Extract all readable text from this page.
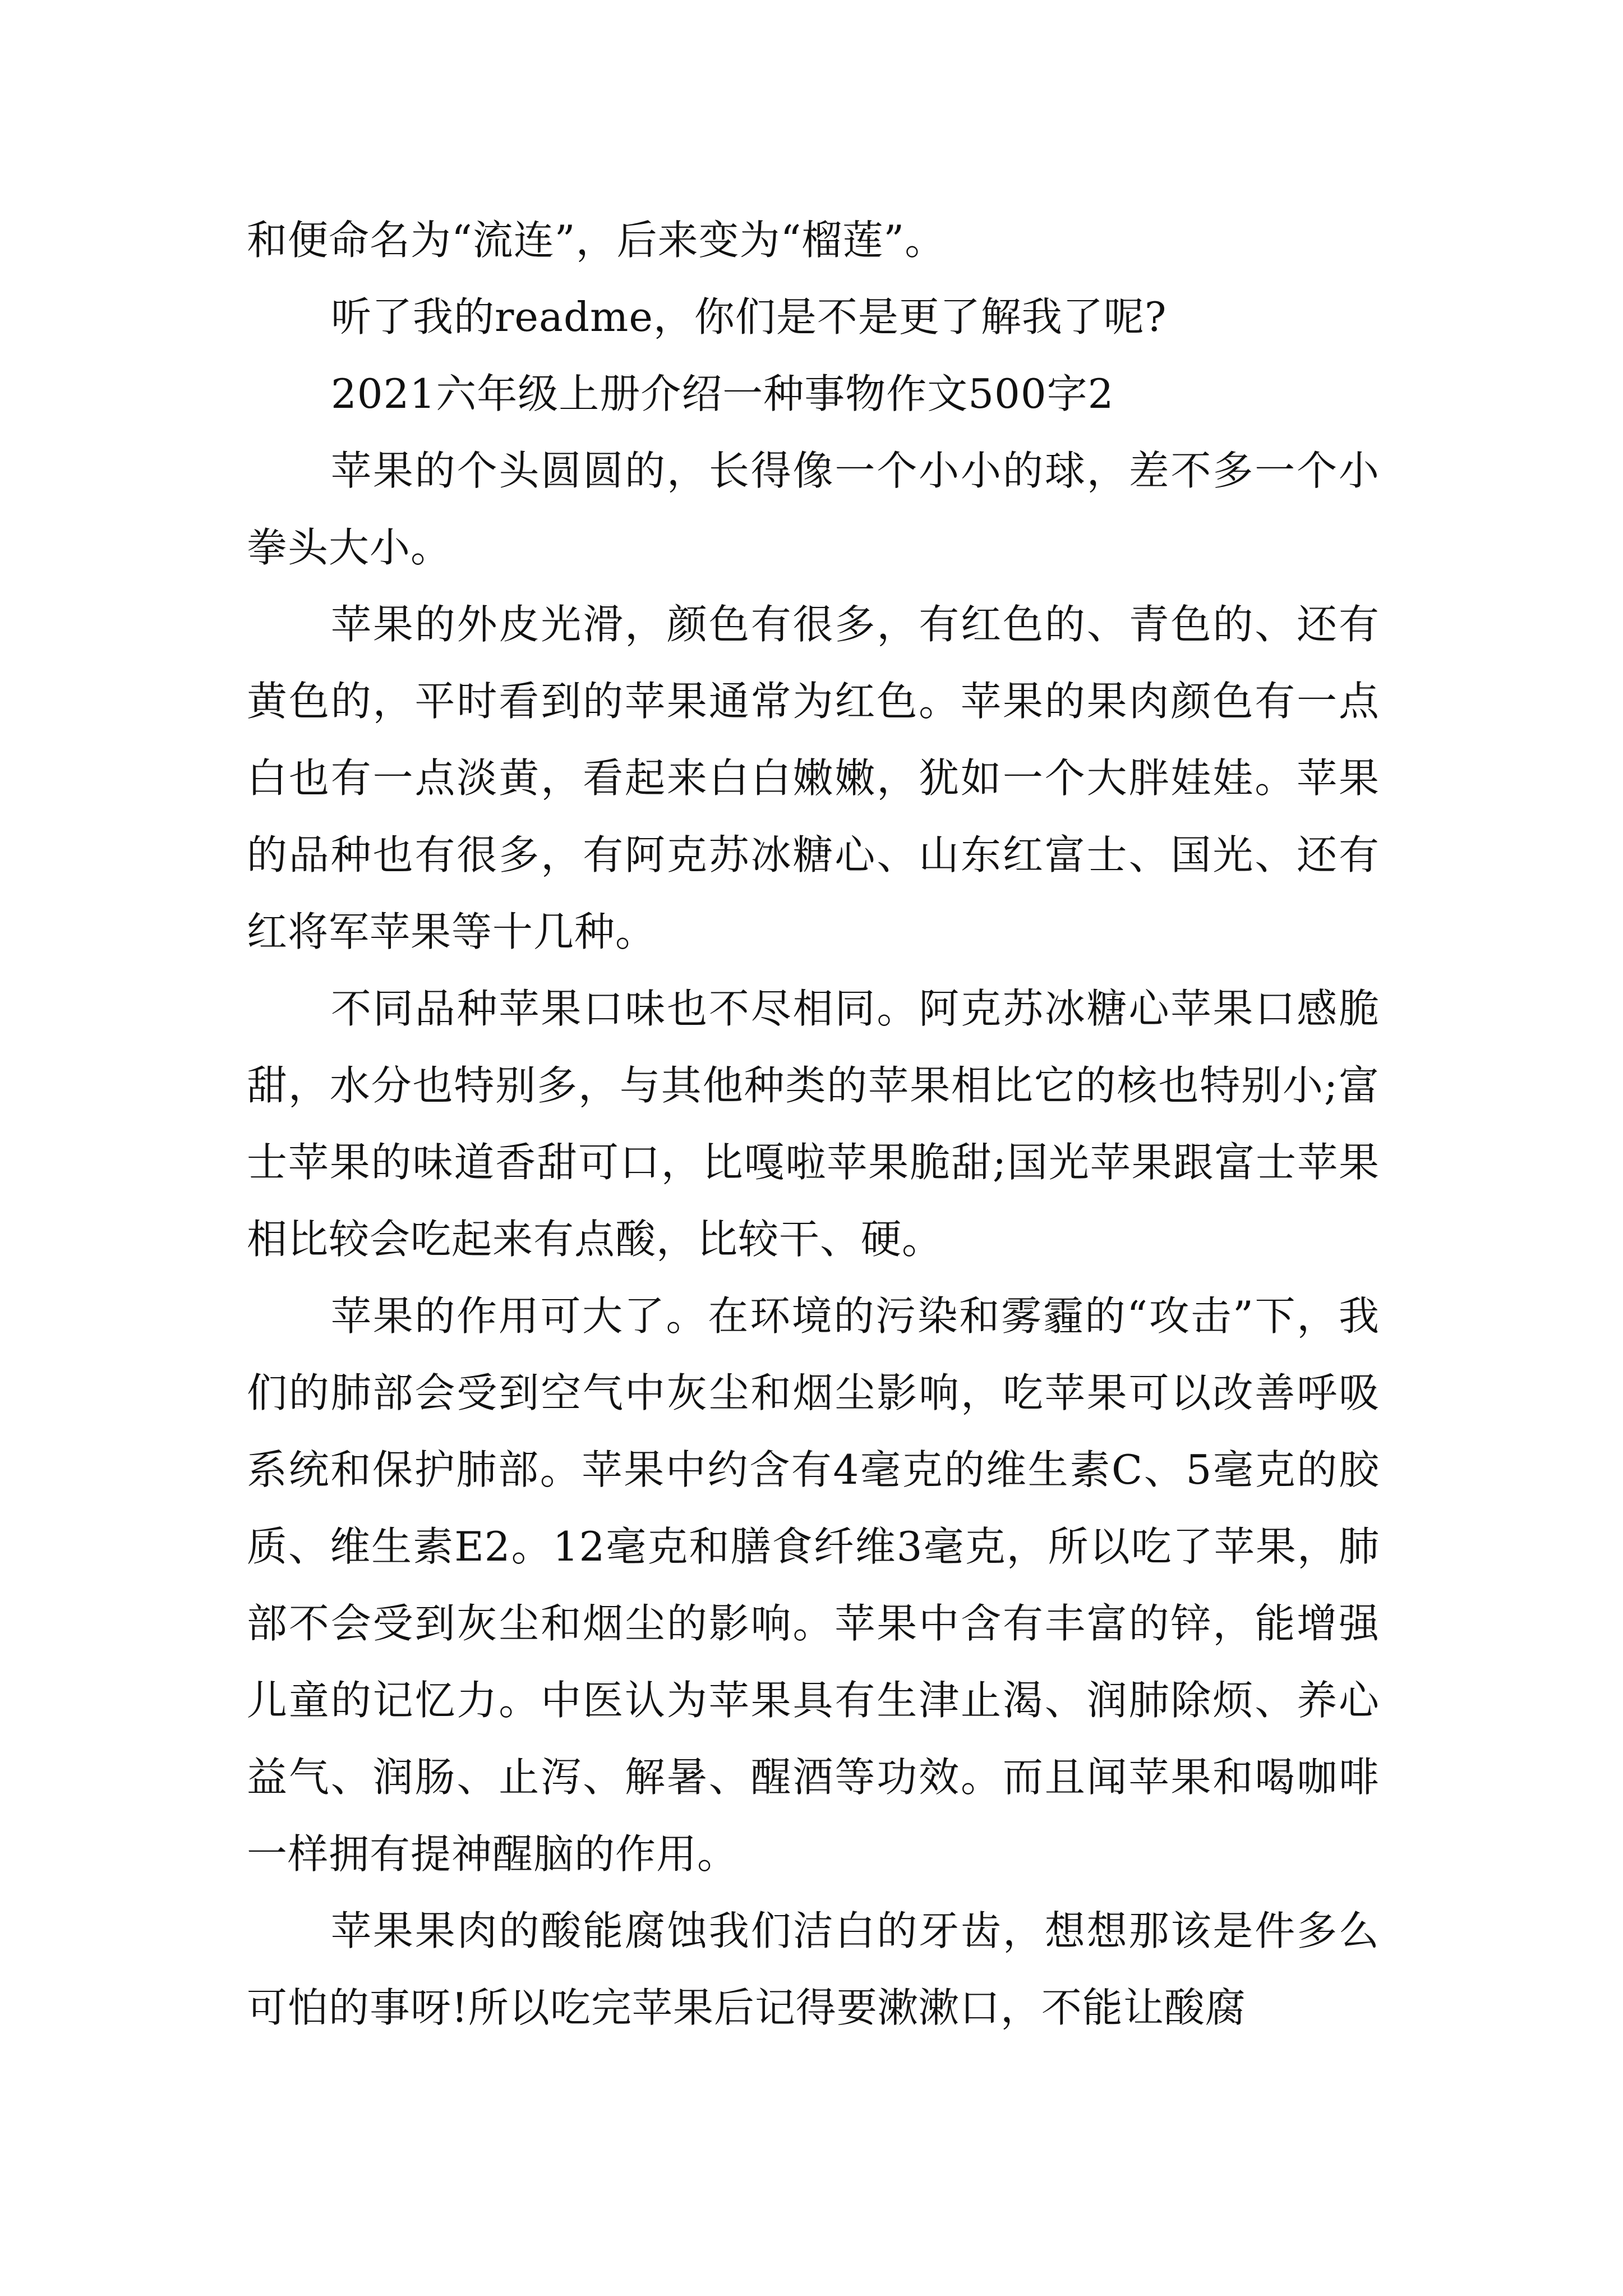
和便命名为“流连”，后来变为“榴莲”。

听了我的readme，你们是不是更了解我了呢?

2021六年级上册介绍一种事物作文500字2

苹果的个头圆圆的，长得像一个小小的球，差不多一个小拳头大小。

苹果的外皮光滑，颜色有很多，有红色的、青色的、还有黄色的，平时看到的苹果通常为红色。苹果的果肉颜色有一点白也有一点淡黄，看起来白白嫩嫩，犹如一个大胖娃娃。苹果的品种也有很多，有阿克苏冰糖心、山东红富士、国光、还有红将军苹果等十几种。

不同品种苹果口味也不尽相同。阿克苏冰糖心苹果口感脆甜，水分也特别多，与其他种类的苹果相比它的核也特别小;富士苹果的味道香甜可口，比嘎啦苹果脆甜;国光苹果跟富士苹果相比较会吃起来有点酸，比较干、硬。

苹果的作用可大了。在环境的污染和雾霾的“攻击”下，我们的肺部会受到空气中灰尘和烟尘影响，吃苹果可以改善呼吸系统和保护肺部。苹果中约含有4毫克的维生素C、5毫克的胶质、维生素E2。12毫克和膳食纤维3毫克，所以吃了苹果，肺部不会受到灰尘和烟尘的影响。苹果中含有丰富的锌，能增强儿童的记忆力。中医认为苹果具有生津止渴、润肺除烦、养心益气、润肠、止泻、解暑、醒酒等功效。而且闻苹果和喝咖啡一样拥有提神醒脑的作用。

苹果果肉的酸能腐蚀我们洁白的牙齿，想想那该是件多么可怕的事呀!所以吃完苹果后记得要漱漱口，不能让酸腐
